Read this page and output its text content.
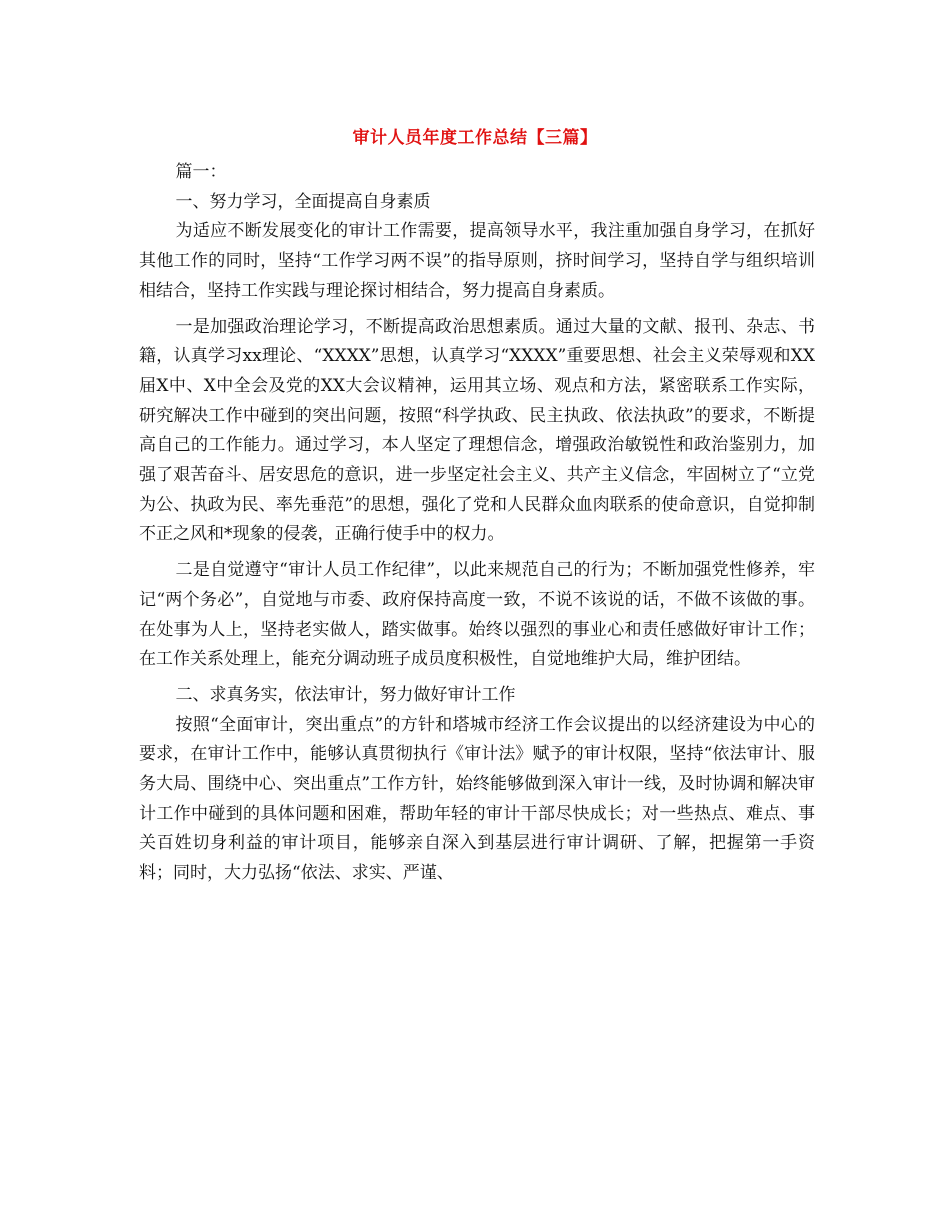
审计人员年度工作总结【三篇】

篇一：

一、努力学习，全面提高自身素质

为适应不断发展变化的审计工作需要，提高领导水平，我注重加强自身学习，在抓好其他工作的同时，坚持“工作学习两不误”的指导原则，挤时间学习，坚持自学与组织培训相结合，坚持工作实践与理论探讨相结合，努力提高自身素质。

一是加强政治理论学习，不断提高政治思想素质。通过大量的文献、报刊、杂志、书籍，认真学习xx理论、“XXXX”思想，认真学习“XXXX”重要思想、社会主义荣辱观和XX届X中、X中全会及党的XX大会议精神，运用其立场、观点和方法，紧密联系工作实际，研究解决工作中碰到的突出问题，按照“科学执政、民主执政、依法执政”的要求，不断提高自己的工作能力。通过学习，本人坚定了理想信念，增强政治敏锐性和政治鉴别力，加强了艰苦奋斗、居安思危的意识，进一步坚定社会主义、共产主义信念，牢固树立了“立党为公、执政为民、率先垂范”的思想，强化了党和人民群众血肉联系的使命意识，自觉抑制不正之风和*现象的侵袭，正确行使手中的权力。

二是自觉遵守“审计人员工作纪律”，以此来规范自己的行为；不断加强党性修养，牢记“两个务必”，自觉地与市委、政府保持高度一致，不说不该说的话，不做不该做的事。在处事为人上，坚持老实做人，踏实做事。始终以强烈的事业心和责任感做好审计工作；在工作关系处理上，能充分调动班子成员度积极性，自觉地维护大局，维护团结。

二、求真务实，依法审计，努力做好审计工作

按照“全面审计，突出重点”的方针和塔城市经济工作会议提出的以经济建设为中心的要求，在审计工作中，能够认真贯彻执行《审计法》赋予的审计权限，坚持“依法审计、服务大局、围绕中心、突出重点”工作方针，始终能够做到深入审计一线，及时协调和解决审计工作中碰到的具体问题和困难，帮助年轻的审计干部尽快成长；对一些热点、难点、事关百姓切身利益的审计项目，能够亲自深入到基层进行审计调研、了解，把握第一手资料；同时，大力弘扬“依法、求实、严谨、
